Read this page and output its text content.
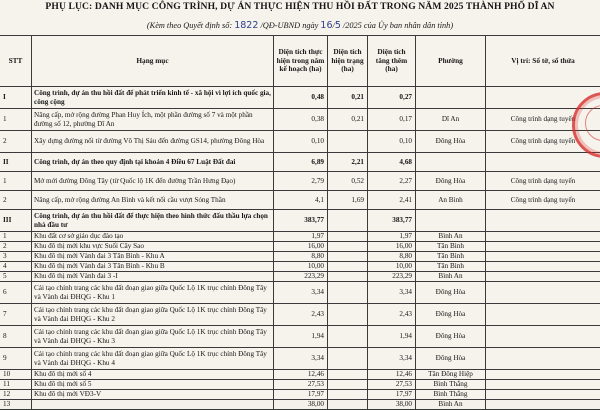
PHỤ LỤC: DANH MỤC CÔNG TRÌNH, DỰ ÁN THỰC HIỆN THU HỒI ĐẤT TRONG NĂM 2025 THÀNH PHỐ DĨ AN
(Kèm theo Quyết định số: 1822 /QĐ-UBND ngày 16/5 /2025 của Ủy ban nhân dân tỉnh)
STT	Hạng mục	Diện tích thực hiện trong năm kế hoạch (ha)	Diện tích hiện trạng (ha)	Diện tích tăng thêm (ha)	Phường	Vị trí: Số tờ, số thửa
I	Công trình, dự án thu hồi đất để phát triển kinh tế - xã hội vì lợi ích quốc gia, công cộng	0,48	0,21	0,27		
1	Nâng cấp, mở rộng đường Phan Huy Ích, một phần đường số 7 và một phần đường số 12, phường Dĩ An	0,38	0,21	0,17	Dĩ An	Công trình dạng tuyến
2	Xây dựng đường nối từ đường Võ Thị Sáu đến đường GS14, phường Đông Hòa	0,10		0,10	Đông Hòa	Công trình dạng tuyến
II	Công trình, dự án theo quy định tại khoản 4 Điều 67 Luật Đất đai	6,89	2,21	4,68		
1	Mở mới đường Đông Tây (từ Quốc lộ 1K đến đường Trần Hưng Đạo)	2,79	0,52	2,27	Đông Hòa	Công trình dạng tuyến
2	Nâng cấp, mở rộng đường An Bình và kết nối cầu vượt Sóng Thần	4,1	1,69	2,41	An Bình	Công trình dạng tuyến
III	Công trình, dự án thu hồi đất để thực hiện theo hình thức đấu thầu lựa chọn nhà đầu tư	383,77		383,77		
1	Khu đất cơ sở giáo dục đào tạo	1,97		1,97	Bình An	
2	Khu đô thị mới khu vực Suối Cây Sao	16,00		16,00	Tân Bình	
3	Khu đô thị mới Vành đai 3 Tân Bình - Khu A	8,80		8,80	Tân Bình	
4	Khu đô thị mới Vành đai 3 Tân Bình - Khu B	10,00		10,00	Tân Bình	
5	Khu đô thị mới Vành đai 3 -I	223,29		223,29	Bình An	
6	Cải tạo chỉnh trang các khu đất đoạn giao giữa Quốc Lộ 1K trục chính Đông Tây và Vành đai ĐHQG - Khu 1	3,34		3,34	Đông Hòa	
7	Cải tạo chỉnh trang các khu đất đoạn giao giữa Quốc Lộ 1K trục chính Đông Tây và Vành đai ĐHQG - Khu 2	2,43		2,43	Đông Hòa	
8	Cải tạo chỉnh trang các khu đất đoạn giao giữa Quốc Lộ 1K trục chính Đông Tây và Vành đai ĐHQG - Khu 3	1,94		1,94	Đông Hòa	
9	Cải tạo chỉnh trang các khu đất đoạn giao giữa Quốc Lộ 1K trục chính Đông Tây và Vành đai ĐHQG - Khu 4	3,34		3,34	Đông Hòa	
10	Khu đô thị mới số 4	12,46		12,46	Tân Đông Hiệp	
11	Khu đô thị mới số 5	27,53		27,53	Bình Thắng	
12	Khu đô thị mới VĐ3-V	17,97		17,97	Bình Thắng	
13		38,00		38,00	Bình An	
